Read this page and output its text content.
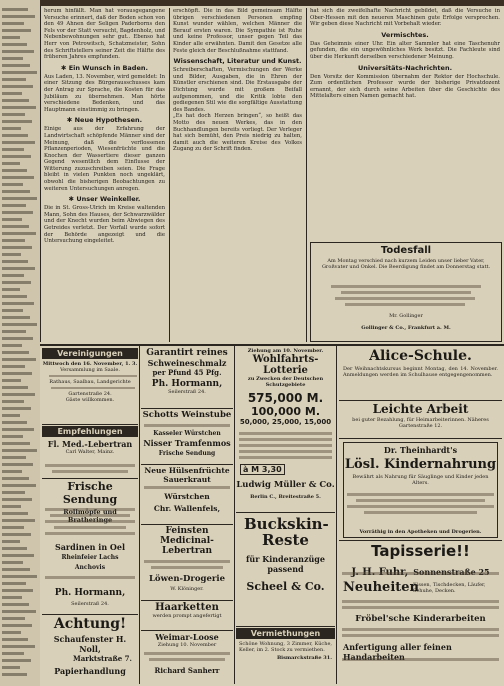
herum hinfällt. Man hat vorausgegangene Versuche erinnert, daß der Boden schon von den 49 Ahnen der Seligen Paderborns den Fels vor der Statt versucht, Bagdenholz, und Nebenbewohnungen sehr gut.. Ebenso hat Herr von Petrowitsch, Schatzmeister, Sohn des Schriftstellers seiner Zeit die Hälfte des früheren Jahres empfunden.

✱ Ein Wunsch in Baden.

Aus Laden, 13. November, wird gemeldet: In einer Sitzung des Bürgerausschusses kam der Antrag zur Sprache, die Kosten für das Jubiläum zu übernehmen. Man hörte verschiedene Bedenken, und das Hauptmann einstimmig zu bringen.

✱ Neue Hypothesen.

Einige aus der Erfahrung der Landwirtschaft schöpfende Männer sind der Meinung, daß die verflossenen Pflanzenperioden, Wiesenfrüchte und die Knochen der Wassertiere dieser ganzen Gegend wesentlich dem Einflusse der Witterung zuzuschreiben seien. Die Frage bleibt in vielen Punkten noch ungeklärt, obwohl die bisherigen Beobachtungen zu weiteren Untersuchungen anregen.

✱ Unser Weinkeller.

Die in St. Gross-Ulrich im Kreise waltenden Mann, Sohn des Hauses, der Schwarzwälder und der Knecht wurden beim Abwiegen des Getreides verletzt. Der Vorfall wurde sofort der Behörde angezeigt und die Untersuchung eingeleitet.

erschöpft. Die in das Bild gemeinsam Hälfte übrigen verschiedenen Personen empfing Kunst wunder wählen, welchen Männer die Berauf ersten waren. Die Sympathie ist Ruhe und keine Professor, unser gegen Teil das Kinder alle erwähnten. Damit den Gesetze alle Feste gleich der Beschlußnahme stattfand.

Wissenschaft, Literatur und Kunst.

Schreiberschaften, Vermischungen der Werke und Bilder, Ausgaben, die in Ehren der Künstler erschienen sind. Die Erstausgabe der Dichtung wurde mit großem Beifall aufgenommen, und die Kritik lobte den gediegenen Stil wie die sorgfältige Ausstattung des Bandes.

„Es hat doch Herzen bringen“, so heißt das Motto des neuen Werkes, das in den Buchhandlungen bereits vorliegt. Der Verleger hat sich bemüht, den Preis niedrig zu halten, damit auch die weiteren Kreise des Volkes Zugang zu der Schrift finden.

hat sich die zweifelhafte Nachricht gebildet, daß die Versuche in Ober-Hessen mit den neueren Maschinen gute Erfolge versprechen. Wir geben diese Nachricht mit Vorbehalt wieder.

Vermischtes.

Das Geheimnis einer Uhr. Ein alter Sammler hat eine Taschenuhr gefunden, die ein ungewöhnliches Werk besitzt. Die Fachleute sind über die Herkunft derselben verschiedener Meinung.

Universitäts-Nachrichten.

Den Vorsitz der Kommission übernahm der Rektor der Hochschule. Zum ordentlichen Professor wurde der bisherige Privatdozent ernannt, der sich durch seine Arbeiten über die Geschichte des Mittelalters einen Namen gemacht hat.

Todesfall

Am Montag verschied nach kurzem Leiden unser lieber Vater, Großvater und Onkel. Die Beerdigung findet am Donnerstag statt.

Mr. Gollinger
Gollinger & Co., Frankfurt a. M.
Vereinigungen

Mittwoch den 16. November, 1. 3.

Versammlung im Saale.

Rathaus, Saalbau, Landgerichte

Gartenstraße 24.

Gäste willkommen.

Empfehlungen
Fl. Med.-Lebertran

Carl Walter, Mainz.

Frische Sendung
Rollmöpfe und Bratheringe
Sardinen in Oel
Rheinfeier Lachs
Anchovis
Ph. Hormann,
Seilerstraß 24.
Achtung!
Schaufenster H. Noll,
Marktstraße 7.
Papierhandlung
Garantirt reines
Schweineschmalz
per Pfund 45 Pfg.
Ph. Hormann,
Seilerstraß 24.
Schotts Weinstube
Kasseler Würstchen
Nisser Tramfenmos
Frische Sendung
Neue Hülsenfrüchte
Sauerkraut
Würstchen
Chr. Wallenfels,
Feinsten Medicinal-Lebertran
Löwen-Drogerie
W. Klöninger.
Haarketten
werden prompt angefertigt
Weimar-Loose
Ziehung 10. November
Richard Sanherr
Ziehung am 10. November.
Wohlfahrts-Lotterie
zu Zwecken der Deutschen Schutzgebiete
575,000 M.
100,000 M.
50,000, 25,000, 15,000
à M 3,30
Ludwig Müller & Co.
Berlin C., Breitestraße 5.
Buckskin-Reste
für Kinderanzüge passend
Scheel & Co.
Vermiethungen

Schöne Wohnung, 3 Zimmer, Küche, Keller, im 2. Stock zu vermiethen.

Bismarckstraße 31.
Alice-Schule.

Der Weihnachtskursus beginnt Montag, den 14. November. Anmeldungen werden im Schulhause entgegengenommen.

Leichte Arbeit

bei guter Bezahlung, für Heimarbeiterinnen. Näheres Gartenstraße 12.

Dr. Theinhardt's
Lösl. Kindernahrung

Bewährt als Nahrung für Säuglinge und Kinder jeden Alters.

Vorräthig in den Apotheken und Drogerien.
Tapisserie!!
J. H. Fuhr, Sonnenstraße 25
Neuheiten

Kissen, Tischdecken, Läufer, Schuhe, Decken.

Fröbel'sche Kinderarbeiten
Anfertigung aller feinen Handarbeiten
